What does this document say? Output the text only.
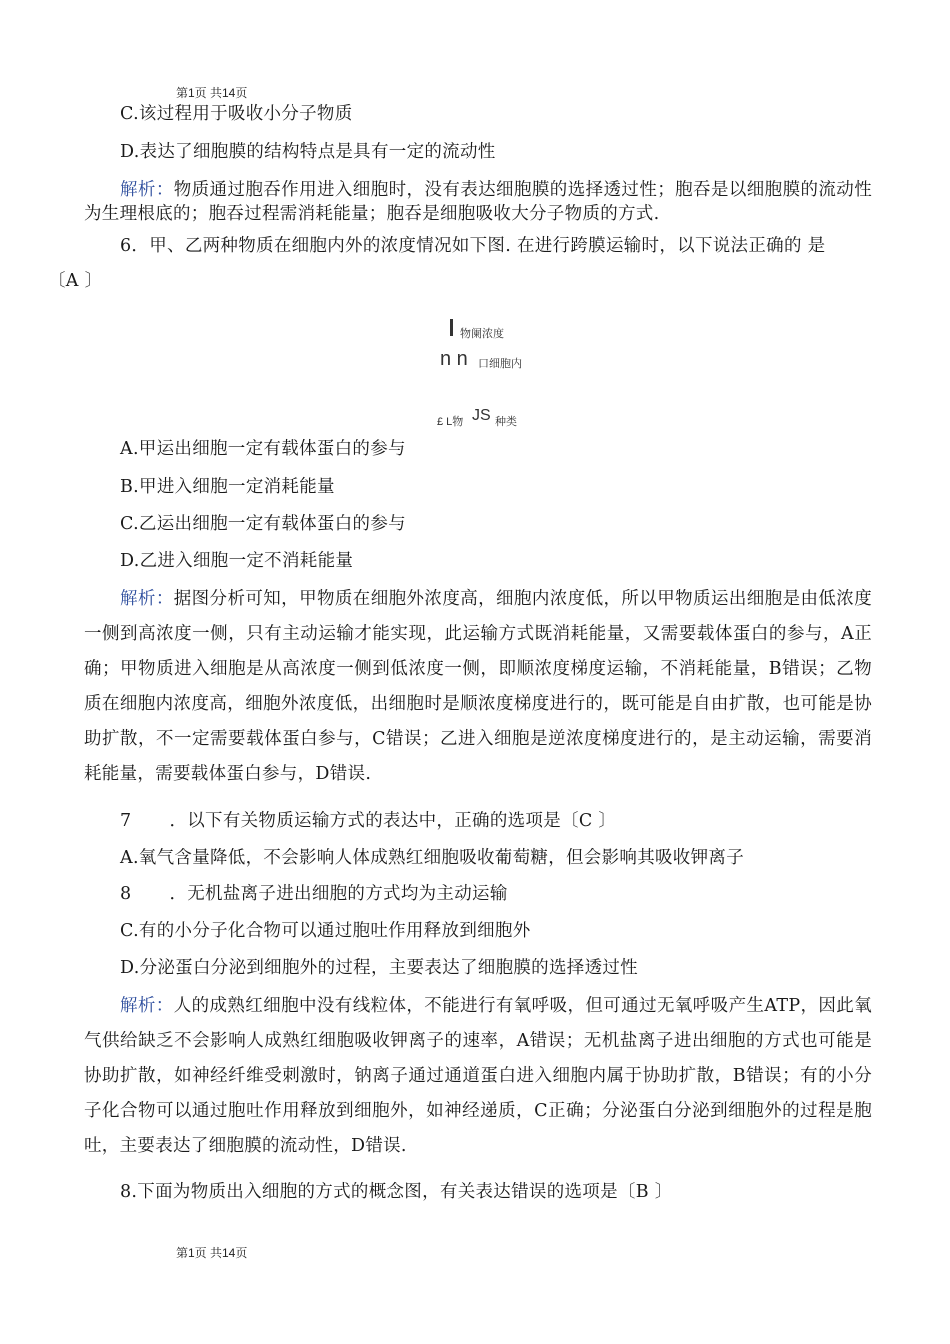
第1页 共14页
C.该过程用于吸收小分子物质
D.表达了细胞膜的结构特点是具有一定的流动性
解析：物质通过胞吞作用进入细胞时，没有表达细胞膜的选择透过性；胞吞是以细胞膜的流动性为生理根底的；胞吞过程需消耗能量；胞吞是细胞吸收大分子物质的方式.
6．甲、乙两种物质在细胞内外的浓度情况如下图. 在进行跨膜运输时，以下说法正确的 是
〔A 〕
物阑浓度
n n 口细胞内
£ L物 JS 种类
A.甲运出细胞一定有载体蛋白的参与
B.甲进入细胞一定消耗能量
C.乙运出细胞一定有载体蛋白的参与
D.乙进入细胞一定不消耗能量
解析：据图分析可知，甲物质在细胞外浓度高，细胞内浓度低，所以甲物质运出细胞是由低浓度一侧到高浓度一侧，只有主动运输才能实现，此运输方式既消耗能量，又需要载体蛋白的参与，A正确；甲物质进入细胞是从高浓度一侧到低浓度一侧，即顺浓度梯度运输，不消耗能量，B错误；乙物质在细胞内浓度高，细胞外浓度低，出细胞时是顺浓度梯度进行的，既可能是自由扩散，也可能是协助扩散，不一定需要载体蛋白参与，C错误；乙进入细胞是逆浓度梯度进行的，是主动运输，需要消耗能量，需要载体蛋白参与，D错误.
7 ．以下有关物质运输方式的表达中，正确的选项是〔C 〕
A.氧气含量降低，不会影响人体成熟红细胞吸收葡萄糖，但会影响其吸收钾离子
8 ．无机盐离子进出细胞的方式均为主动运输
C.有的小分子化合物可以通过胞吐作用释放到细胞外
D.分泌蛋白分泌到细胞外的过程，主要表达了细胞膜的选择透过性
解析：人的成熟红细胞中没有线粒体，不能进行有氧呼吸，但可通过无氧呼吸产生ATP，因此氧气供给缺乏不会影响人成熟红细胞吸收钾离子的速率，A错误；无机盐离子进出细胞的方式也可能是协助扩散，如神经纤维受刺激时，钠离子通过通道蛋白进入细胞内属于协助扩散，B错误；有的小分子化合物可以通过胞吐作用释放到细胞外，如神经递质，C正确；分泌蛋白分泌到细胞外的过程是胞吐，主要表达了细胞膜的流动性，D错误.
8.下面为物质出入细胞的方式的概念图，有关表达错误的选项是〔B 〕
第1页 共14页
